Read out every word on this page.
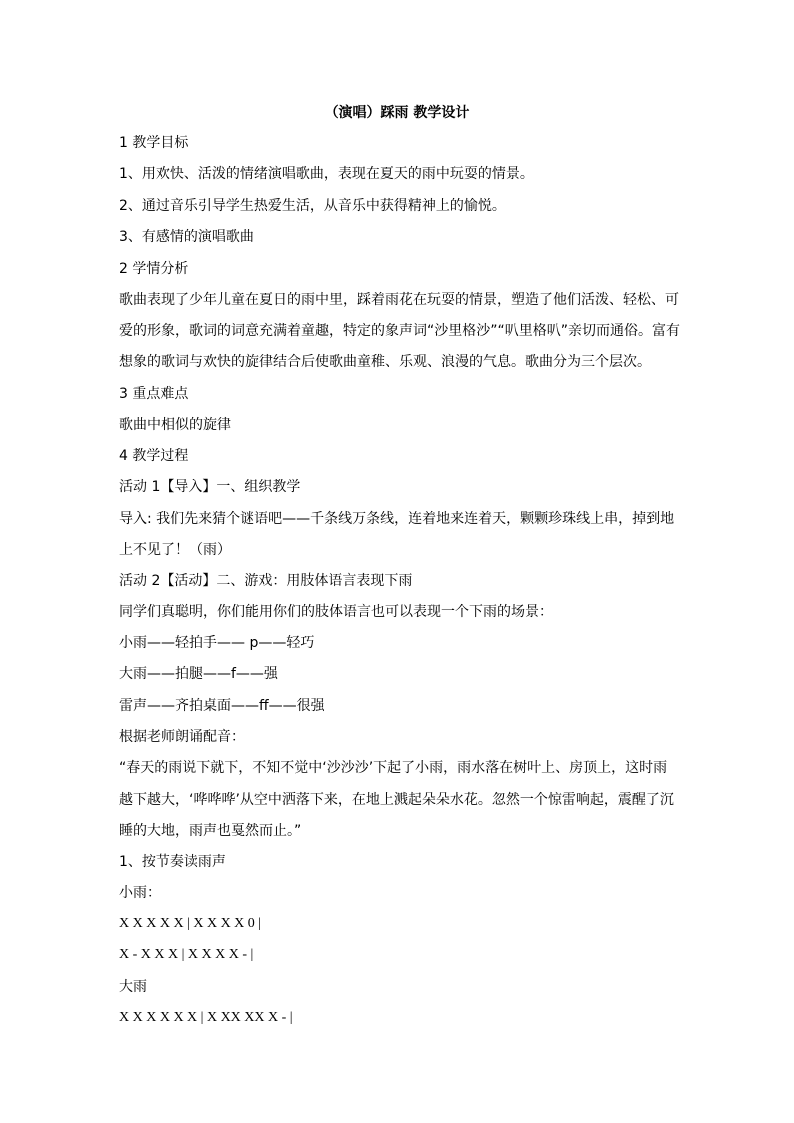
（演唱）踩雨 教学设计
1 教学目标
1、用欢快、活泼的情绪演唱歌曲，表现在夏天的雨中玩耍的情景。
2、通过音乐引导学生热爱生活，从音乐中获得精神上的愉悦。
3、有感情的演唱歌曲
2 学情分析
歌曲表现了少年儿童在夏日的雨中里，踩着雨花在玩耍的情景，塑造了他们活泼、轻松、可
爱的形象，歌词的词意充满着童趣，特定的象声词“沙里格沙”“叭里格叭”亲切而通俗。富有
想象的歌词与欢快的旋律结合后使歌曲童稚、乐观、浪漫的气息。歌曲分为三个层次。
3 重点难点
歌曲中相似的旋律
4 教学过程
活动 1【导入】一、组织教学
导入: 我们先来猜个谜语吧——千条线万条线，连着地来连着天，颗颗珍珠线上串，掉到地
上不见了！（雨）
活动 2【活动】二、游戏：用肢体语言表现下雨
同学们真聪明，你们能用你们的肢体语言也可以表现一个下雨的场景：
小雨——轻拍手—— p——轻巧
大雨——拍腿——f——强
雷声——齐拍桌面——ff——很强
根据老师朗诵配音：
“春天的雨说下就下，不知不觉中‘沙沙沙’下起了小雨，雨水落在树叶上、房顶上，这时雨
越下越大，‘哗哗哗’从空中洒落下来，在地上溅起朵朵水花。忽然一个惊雷响起，震醒了沉
睡的大地，雨声也戛然而止。”
1、按节奏读雨声
小雨：
X X X X X | X X X X 0 |
X - X X X | X X X X - |
大雨
X X X X X X | X XX XX X - |
